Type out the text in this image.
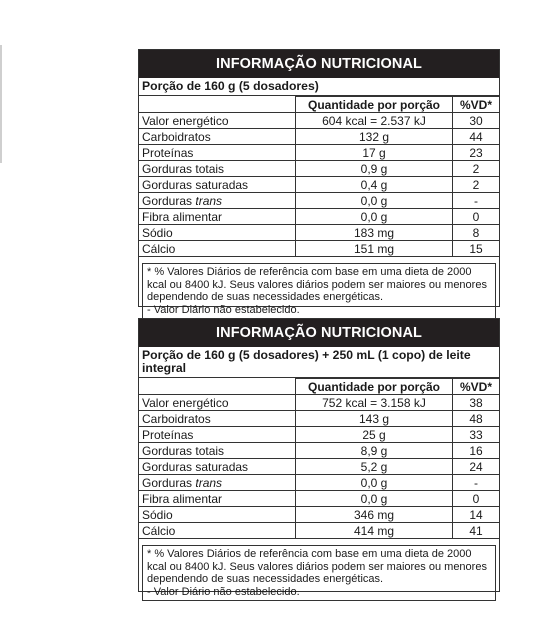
INFORMAÇÃO NUTRICIONAL
Porção de 160 g (5 dosadores)
	Quantidade por porção	%VD*
Valor energético	604 kcal = 2.537 kJ	30
Carboidratos	132 g	44
Proteínas	17 g	23
Gorduras totais	0,9 g	2
Gorduras saturadas	0,4 g	2
Gorduras trans	0,0 g	-
Fibra alimentar	0,0 g	0
Sódio	183 mg	8
Cálcio	151 mg	15
* % Valores Diários de referência com base em uma dieta de 2000 kcal ou 8400 kJ. Seus valores diários podem ser maiores ou menores dependendo de suas necessidades energéticas.
- Valor Diário não estabelecido.
INFORMAÇÃO NUTRICIONAL
Porção de 160 g (5 dosadores) + 250 mL (1 copo) de leite integral
	Quantidade por porção	%VD*
Valor energético	752 kcal = 3.158 kJ	38
Carboidratos	143 g	48
Proteínas	25 g	33
Gorduras totais	8,9 g	16
Gorduras saturadas	5,2 g	24
Gorduras trans	0,0 g	-
Fibra alimentar	0,0 g	0
Sódio	346 mg	14
Cálcio	414 mg	41
* % Valores Diários de referência com base em uma dieta de 2000 kcal ou 8400 kJ. Seus valores diários podem ser maiores ou menores dependendo de suas necessidades energéticas.
- Valor Diário não estabelecido.
